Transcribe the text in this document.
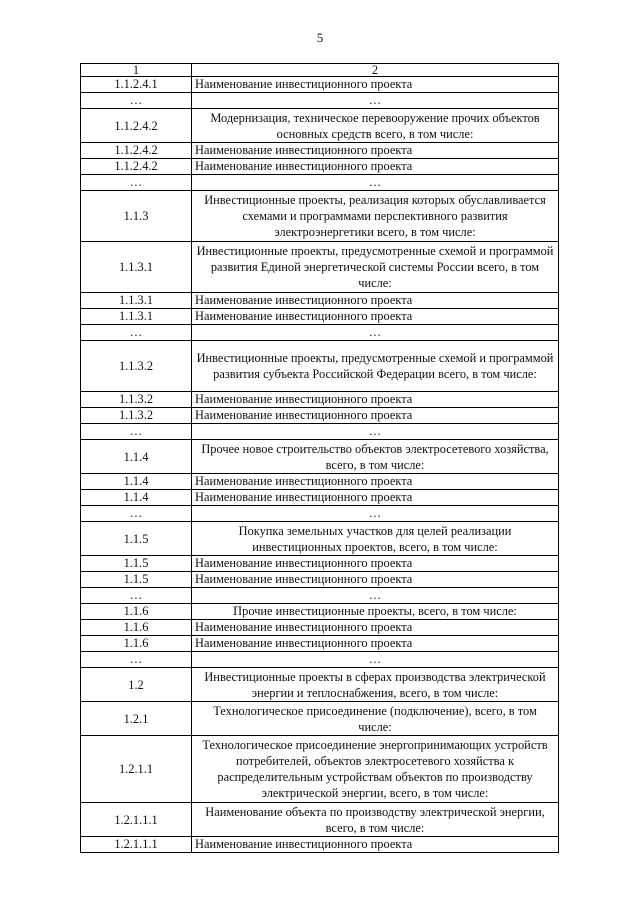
5
1	2
1.1.2.4.1	Наименование инвестиционного проекта
…	…
1.1.2.4.2	Модернизация, техническое перевооружение прочих объектов основных средств всего, в том числе:
1.1.2.4.2	Наименование инвестиционного проекта
1.1.2.4.2	Наименование инвестиционного проекта
…	…
1.1.3	Инвестиционные проекты, реализация которых обуславливается схемами и программами перспективного развития электроэнергетики всего, в том числе:
1.1.3.1	Инвестиционные проекты, предусмотренные схемой и программой развития Единой энергетической системы России всего, в том числе:
1.1.3.1	Наименование инвестиционного проекта
1.1.3.1	Наименование инвестиционного проекта
…	…
1.1.3.2	Инвестиционные проекты, предусмотренные схемой и программой развития субъекта Российской Федерации всего, в том числе:
1.1.3.2	Наименование инвестиционного проекта
1.1.3.2	Наименование инвестиционного проекта
…	…
1.1.4	Прочее новое строительство объектов электросетевого хозяйства, всего, в том числе:
1.1.4	Наименование инвестиционного проекта
1.1.4	Наименование инвестиционного проекта
…	…
1.1.5	Покупка земельных участков для целей реализации инвестиционных проектов, всего, в том числе:
1.1.5	Наименование инвестиционного проекта
1.1.5	Наименование инвестиционного проекта
…	…
1.1.6	Прочие инвестиционные проекты, всего, в том числе:
1.1.6	Наименование инвестиционного проекта
1.1.6	Наименование инвестиционного проекта
…	…
1.2	Инвестиционные проекты в сферах производства электрической энергии и теплоснабжения, всего, в том числе:
1.2.1	Технологическое присоединение (подключение), всего, в том числе:
1.2.1.1	Технологическое присоединение энергопринимающих устройств потребителей, объектов электросетевого хозяйства к распределительным устройствам объектов по производству электрической энергии, всего, в том числе:
1.2.1.1.1	Наименование объекта по производству электрической энергии, всего, в том числе:
1.2.1.1.1	Наименование инвестиционного проекта
